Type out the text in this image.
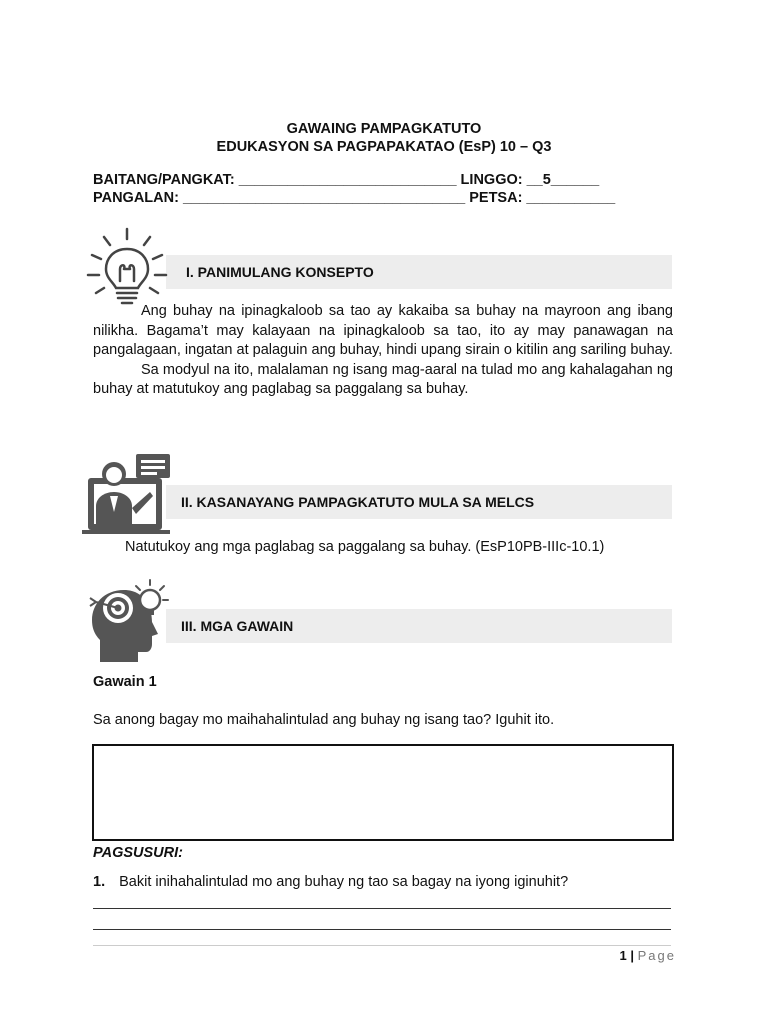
GAWAING PAMPAGKATUTO
EDUKASYON SA PAGPAPAKATAO (EsP) 10 – Q3
BAITANG/PANGKAT: ___________________________ LINGGO: __5______
PANGALAN: ___________________________________ PETSA: ___________
I. PANIMULANG KONSEPTO

Ang buhay na ipinagkaloob sa tao ay kakaiba sa buhay na mayroon ang ibang nilikha. Bagama’t may kalayaan na ipinagkaloob sa tao, ito ay may panawagan na pangalagaan, ingatan at palaguin ang buhay, hindi upang sirain o kitilin ang sariling buhay.

Sa modyul na ito, malalaman ng isang mag-aaral na tulad mo ang kahalagahan ng buhay at matutukoy ang paglabag sa paggalang sa buhay.

II. KASANAYANG PAMPAGKATUTO MULA SA MELCS
Natutukoy ang mga paglabag sa paggalang sa buhay. (EsP10PB-IIIc-10.1)
III. MGA GAWAIN
Gawain 1
Sa anong bagay mo maihahalintulad ang buhay ng isang tao? Iguhit ito.
PAGSUSURI:
1. Bakit inihahalintulad mo ang buhay ng tao sa bagay na iyong iginuhit?
1 | Page
